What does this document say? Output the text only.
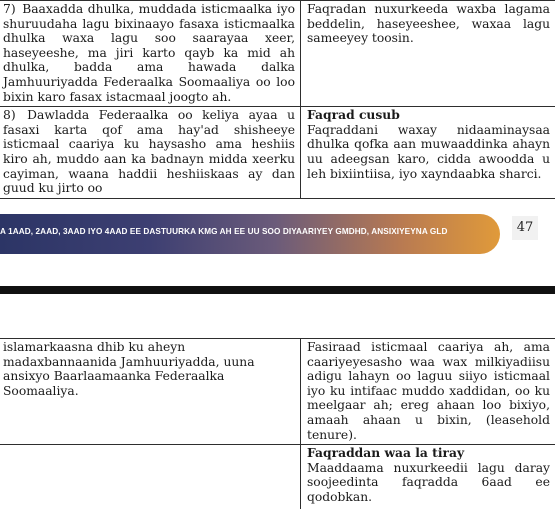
7) Baaxadda dhulka, muddada isticmaalka iyo shuruudaha lagu bixinaayo fasaxa isticmaalka dhulka waxa lagu soo saarayaa xeer, haseyeeshe, ma jiri karto qayb ka mid ah dhulka, badda ama hawada dalka Jamhuuriyadda Federaalka Soomaaliya oo loo bixin karo fasax istacmaal joogto ah.	Faqradan nuxurkeeda waxba lagama beddelin, haseyeeshee, waxaa lagu sameeyey toosin.

8) Dawladda Federaalka oo keliya ayaa u fasaxi karta qof ama hay'ad shisheeye isticmaal caariya ku haysasho ama heshiis kiro ah, muddo aan ka badnayn midda xeerku cayiman, waana haddii heshiiskaas ay dan guud ku jirto oo	Faqrad cusub
Faqraddani waxay nidaaminaysaa dhulka qofka aan muwaaddinka ahayn uu adeegsan karo, cidda awoodda u leh bixiintiisa, iyo xayndaabka sharci.
A 1AAD, 2AAD, 3AAD IYO 4AAD EE DASTUURKA KMG AH EE UU SOO DIYAARIYEY GMDHD, ANSIXIYEYNA GLD	47
islamarkaasna dhib ku aheyn madaxbannaanida Jamhuuriyadda, uuna ansixyo Baarlaamaanka Federaalka Soomaaliya.	Fasiraad isticmaal caariya ah, ama caariyeyesasho waa wax milkiyadiisu adigu lahayn oo laguu siiyo isticmaal iyo ku intifaac muddo xaddidan, oo ku meelgaar ah; ereg ahaan loo bixiyo, amaah ahaan u bixin, (leasehold tenure).

	Faqraddan waa la tiray
Maaddaama nuxurkeedii lagu daray soojeedinta faqradda 6aad ee qodobkan.
